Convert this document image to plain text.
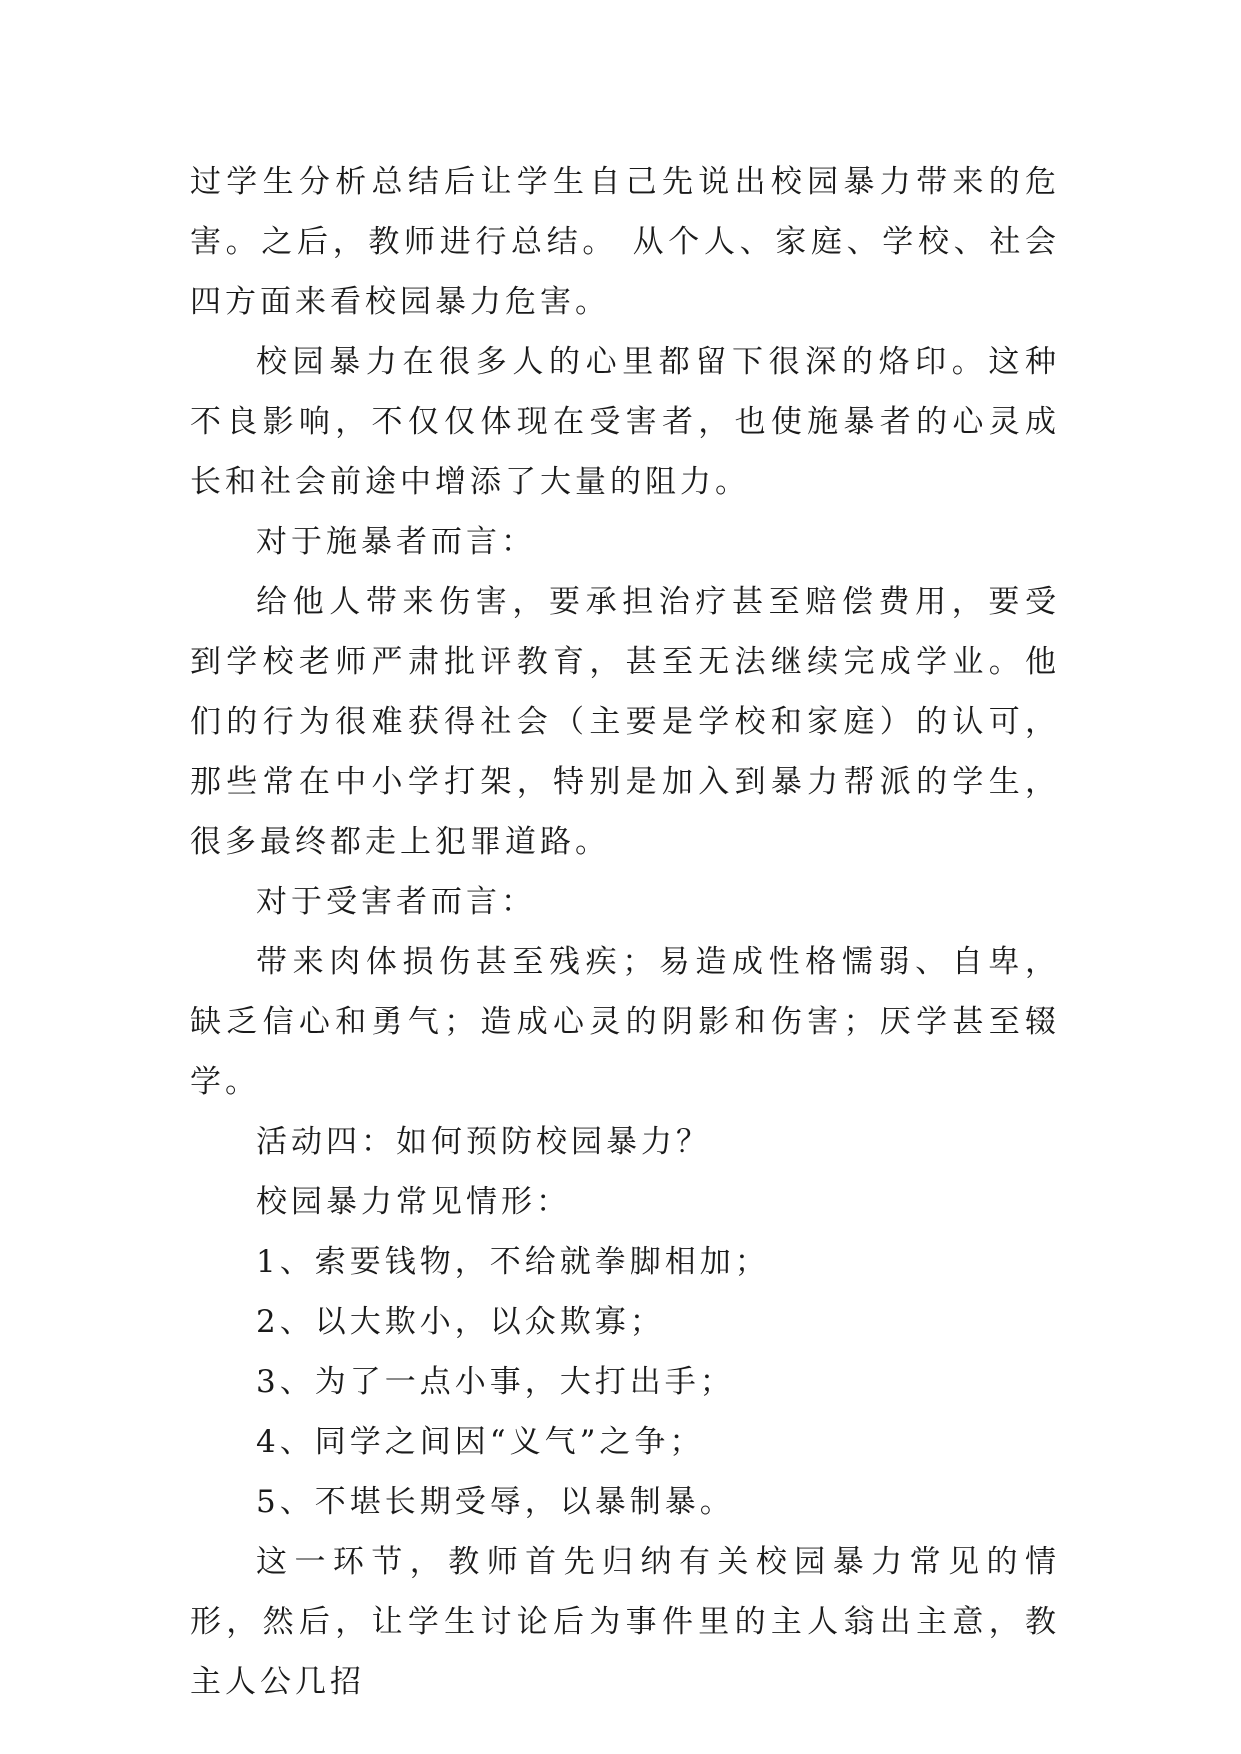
过学生分析总结后让学生自己先说出校园暴力带来的危害。之后，教师进行总结。 从个人、家庭、学校、社会四方面来看校园暴力危害。

校园暴力在很多人的心里都留下很深的烙印。这种不良影响，不仅仅体现在受害者，也使施暴者的心灵成长和社会前途中增添了大量的阻力。

对于施暴者而言：

给他人带来伤害，要承担治疗甚至赔偿费用，要受到学校老师严肃批评教育，甚至无法继续完成学业。他们的行为很难获得社会（主要是学校和家庭）的认可，那些常在中小学打架，特别是加入到暴力帮派的学生，很多最终都走上犯罪道路。

对于受害者而言：

带来肉体损伤甚至残疾；易造成性格懦弱、自卑，缺乏信心和勇气；造成心灵的阴影和伤害；厌学甚至辍学。

活动四：如何预防校园暴力？

校园暴力常见情形：

1、索要钱物，不给就拳脚相加；

2、以大欺小，以众欺寡；

3、为了一点小事，大打出手；

4、同学之间因“义气”之争；

5、不堪长期受辱，以暴制暴。

这一环节，教师首先归纳有关校园暴力常见的情形，然后，让学生讨论后为事件里的主人翁出主意，教主人公几招
